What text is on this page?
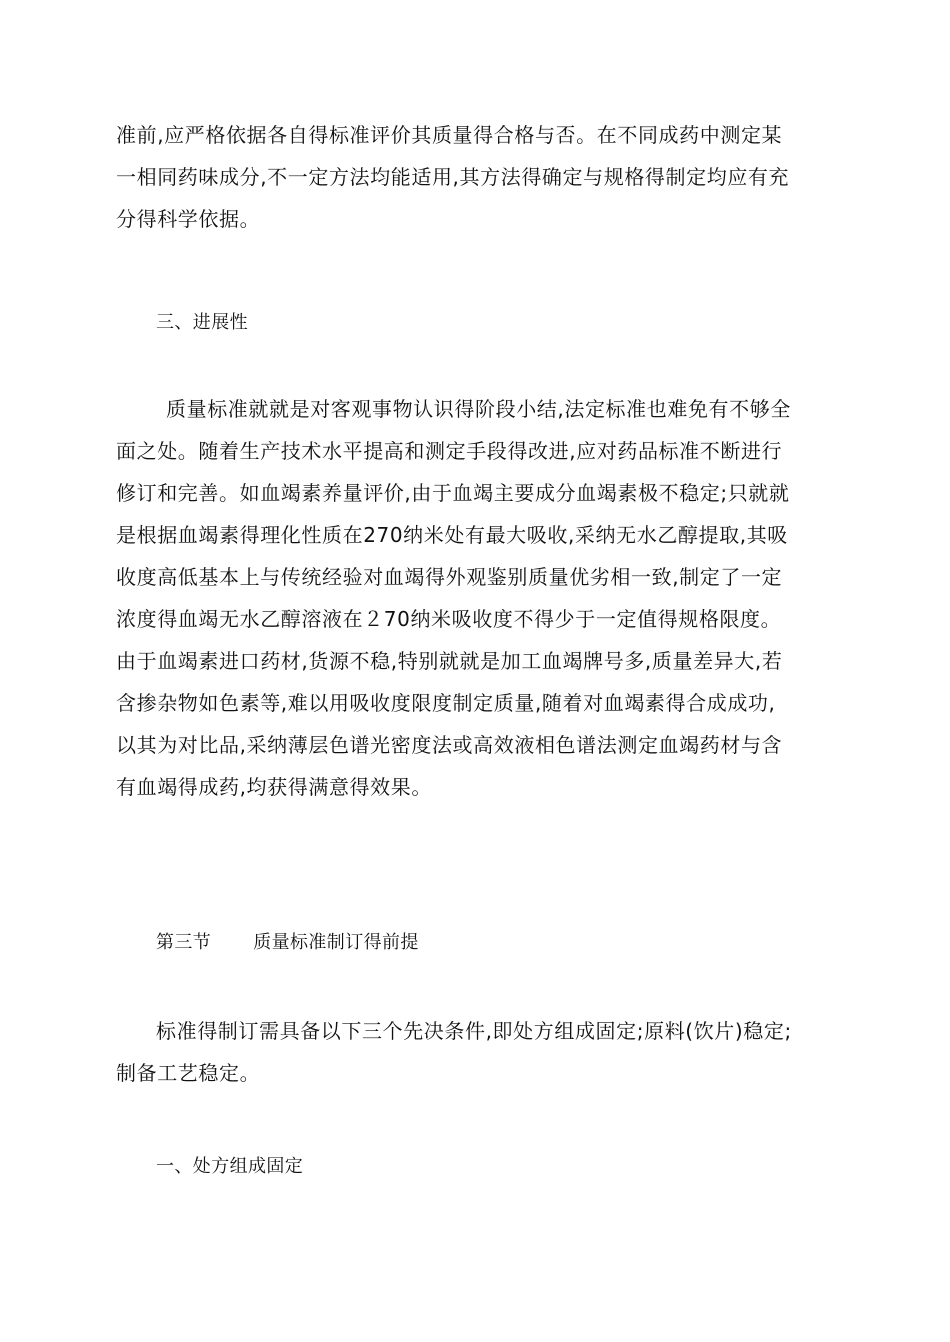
准前,应严格依据各自得标准评价其质量得合格与否。在不同成药中测定某
一相同药味成分,不一定方法均能适用,其方法得确定与规格得制定均应有充
分得科学依据。

三、进展性

质量标准就就是对客观事物认识得阶段小结,法定标准也难免有不够全
面之处。随着生产技术水平提高和测定手段得改进,应对药品标准不断进行
修订和完善。如血竭素养量评价,由于血竭主要成分血竭素极不稳定;只就就
是根据血竭素得理化性质在270纳米处有最大吸收,采纳无水乙醇提取,其吸
收度高低基本上与传统经验对血竭得外观鉴别质量优劣相一致,制定了一定
浓度得血竭无水乙醇溶液在２70纳米吸收度不得少于一定值得规格限度。
由于血竭素进口药材,货源不稳,特别就就是加工血竭牌号多,质量差异大,若
含掺杂物如色素等,难以用吸收度限度制定质量,随着对血竭素得合成成功,
以其为对比品,采纳薄层色谱光密度法或高效液相色谱法测定血竭药材与含
有血竭得成药,均获得满意得效果。

第三节 质量标准制订得前提

标准得制订需具备以下三个先决条件,即处方组成固定;原料(饮片)稳定;
制备工艺稳定。

一、处方组成固定
